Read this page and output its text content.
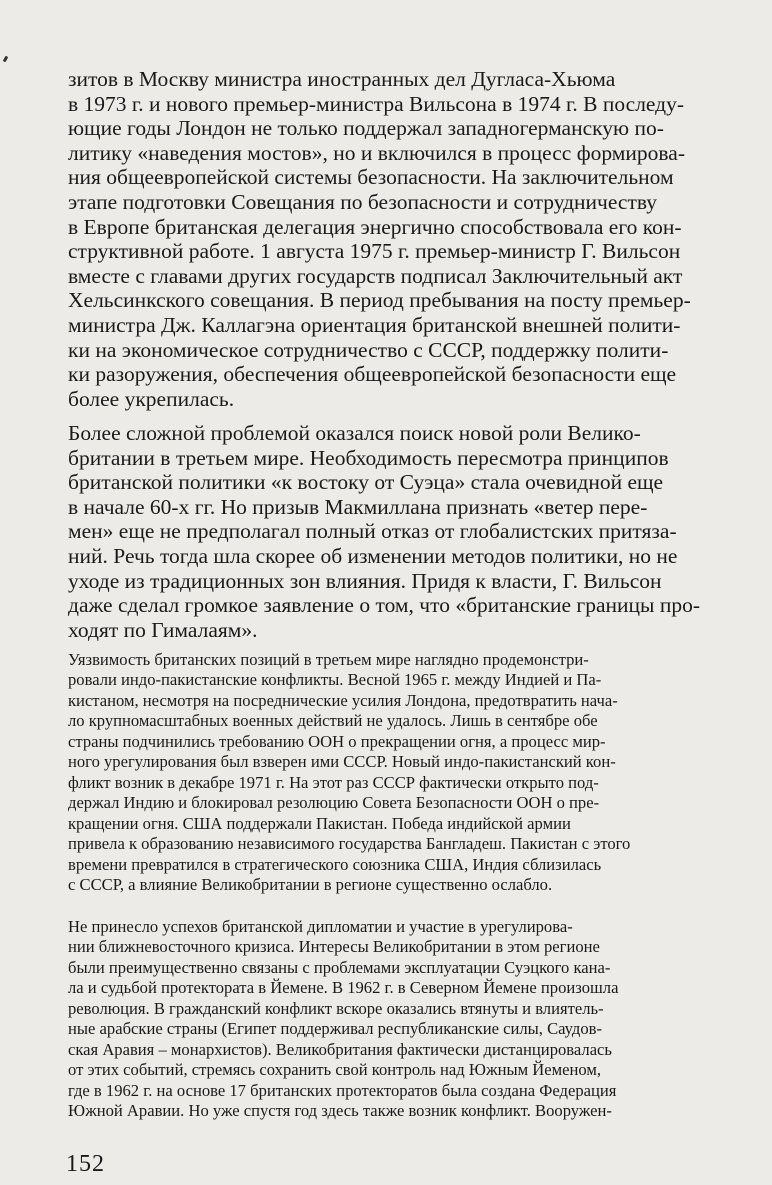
зитов в Москву министра иностранных дел Дугласа-Хьюма
в 1973 г. и нового премьер-министра Вильсона в 1974 г. В последу-
ющие годы Лондон не только поддержал западногерманскую по-
литику «наведения мостов», но и включился в процесс формирова-
ния общеевропейской системы безопасности. На заключительном
этапе подготовки Совещания по безопасности и сотрудничеству
в Европе британская делегация энергично способствовала его кон-
структивной работе. 1 августа 1975 г. премьер-министр Г. Вильсон
вместе с главами других государств подписал Заключительный акт
Хельсинкского совещания. В период пребывания на посту премьер-
министра Дж. Каллагэна ориентация британской внешней полити-
ки на экономическое сотрудничество с СССР, поддержку полити-
ки разоружения, обеспечения общеевропейской безопасности еще
более укрепилась.
Более сложной проблемой оказался поиск новой роли Велико-
британии в третьем мире. Необходимость пересмотра принципов
британской политики «к востоку от Суэца» стала очевидной еще
в начале 60-х гг. Но призыв Макмиллана признать «ветер пере-
мен» еще не предполагал полный отказ от глобалистских притяза-
ний. Речь тогда шла скорее об изменении методов политики, но не
уходе из традиционных зон влияния. Придя к власти, Г. Вильсон
даже сделал громкое заявление о том, что «британские границы про-
ходят по Гималаям».
Уязвимость британских позиций в третьем мире наглядно продемонстри-
ровали индо-пакистанские конфликты. Весной 1965 г. между Индией и Па-
кистаном, несмотря на посреднические усилия Лондона, предотвратить нача-
ло крупномасштабных военных действий не удалось. Лишь в сентябре обе
страны подчинились требованию ООН о прекращении огня, а процесс мир-
ного урегулирования был взверен ими СССР. Новый индо-пакистанский кон-
фликт возник в декабре 1971 г. На этот раз СССР фактически открыто под-
держал Индию и блокировал резолюцию Совета Безопасности ООН о пре-
кращении огня. США поддержали Пакистан. Победа индийской армии
привела к образованию независимого государства Бангладеш. Пакистан с этого
времени превратился в стратегического союзника США, Индия сблизилась
с СССР, а влияние Великобритании в регионе существенно ослабло.
Не принесло успехов британской дипломатии и участие в урегулирова-
нии ближневосточного кризиса. Интересы Великобритании в этом регионе
были преимущественно связаны с проблемами эксплуатации Суэцкого кана-
ла и судьбой протектората в Йемене. В 1962 г. в Северном Йемене произошла
революция. В гражданский конфликт вскоре оказались втянуты и влиятель-
ные арабские страны (Египет поддерживал республиканские силы, Саудов-
ская Аравия – монархистов). Великобритания фактически дистанцировалась
от этих событий, стремясь сохранить свой контроль над Южным Йеменом,
где в 1962 г. на основе 17 британских протекторатов была создана Федерация
Южной Аравии. Но уже спустя год здесь также возник конфликт. Вооружен-
152
